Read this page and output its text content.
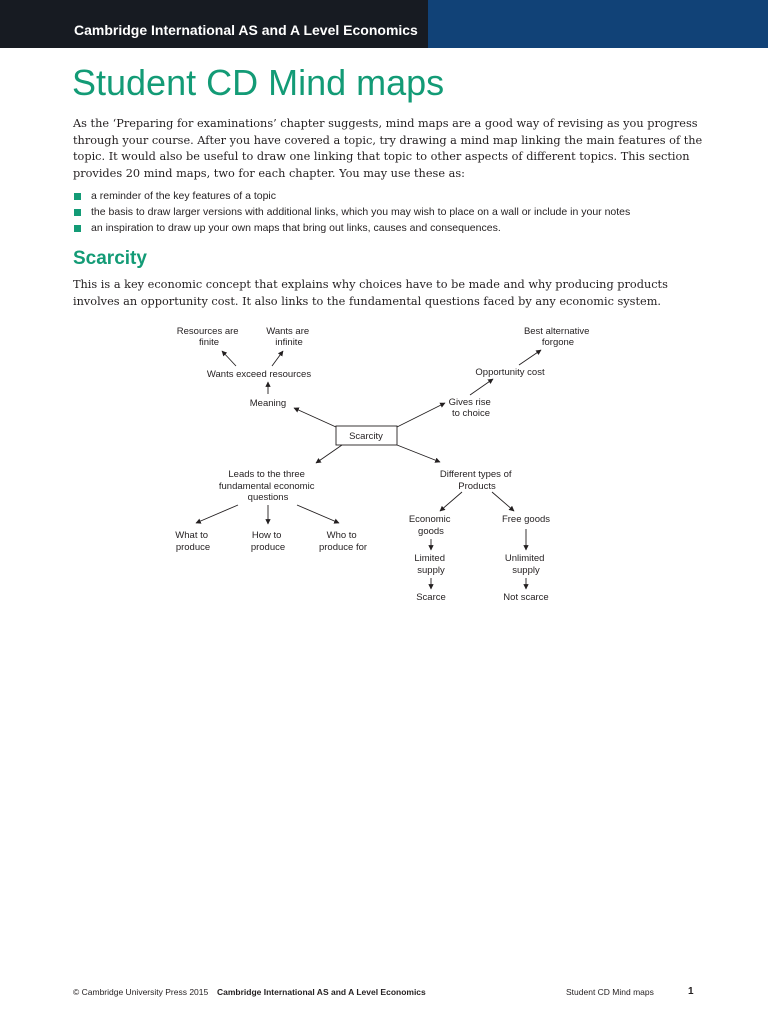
Cambridge International AS and A Level Economics
Student CD Mind maps

As the ‘Preparing for examinations’ chapter suggests, mind maps are a good way of revising as you progress through your course. After you have covered a topic, try drawing a mind map linking the main features of the topic. It would also be useful to draw one linking that topic to other aspects of different topics. This section provides 20 mind maps, two for each chapter. You may use these as:

a reminder of the key features of a topic
the basis to draw larger versions with additional links, which you may wish to place on a wall or include in your notes
an inspiration to draw up your own maps that bring out links, causes and consequences.
Scarcity

This is a key economic concept that explains why choices have to be made and why producing products involves an opportunity cost. It also links to the fundamental questions faced by any economic system.

Scarcity
Meaning
Wants exceed resources
Resources are finite
Wants are infinite
Gives rise to choice
Opportunity cost
Best alternative forgone
Leads to the three fundamental economic questions
What to produce
How to produce
Who to produce for
Different types of Products
Economic goods
Free goods
Limited supply
Unlimited supply
Scarce	Not scarce
© Cambridge University Press 2015 Cambridge International AS and A Level Economics	Student CD Mind maps	1
